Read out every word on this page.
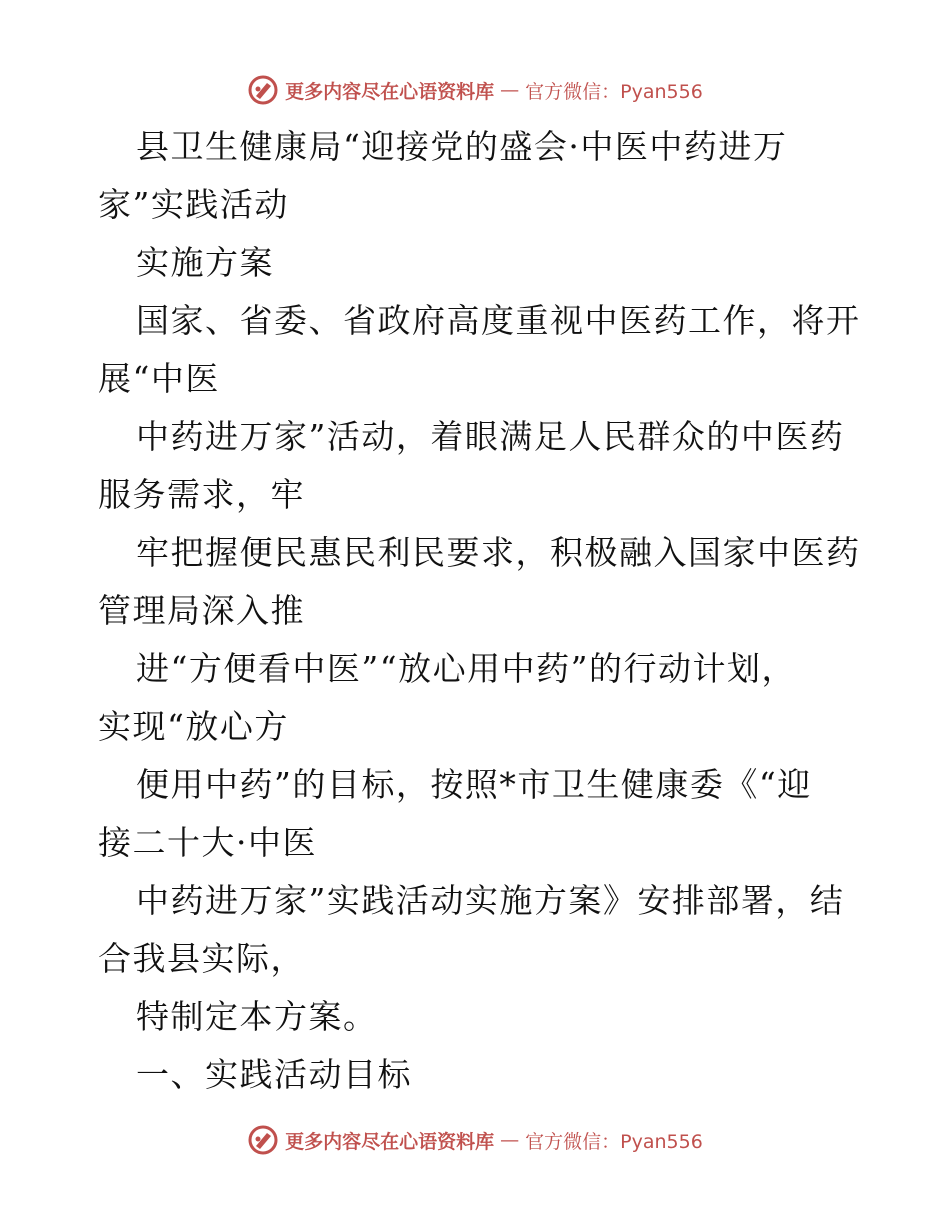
更多内容尽在心语资料库 — 官方微信：Pyan556
县卫生健康局“迎接党的盛会·中医中药进万
家”实践活动
实施方案
国家、省委、省政府高度重视中医药工作，将开
展“中医
中药进万家”活动，着眼满足人民群众的中医药
服务需求，牢
牢把握便民惠民利民要求，积极融入国家中医药
管理局深入推
进“方便看中医”“放心用中药”的行动计划，
实现“放心方
便用中药”的目标，按照*市卫生健康委《“迎
接二十大·中医
中药进万家”实践活动实施方案》安排部署，结
合我县实际，
特制定本方案。
一、实践活动目标
更多内容尽在心语资料库 — 官方微信：Pyan556
